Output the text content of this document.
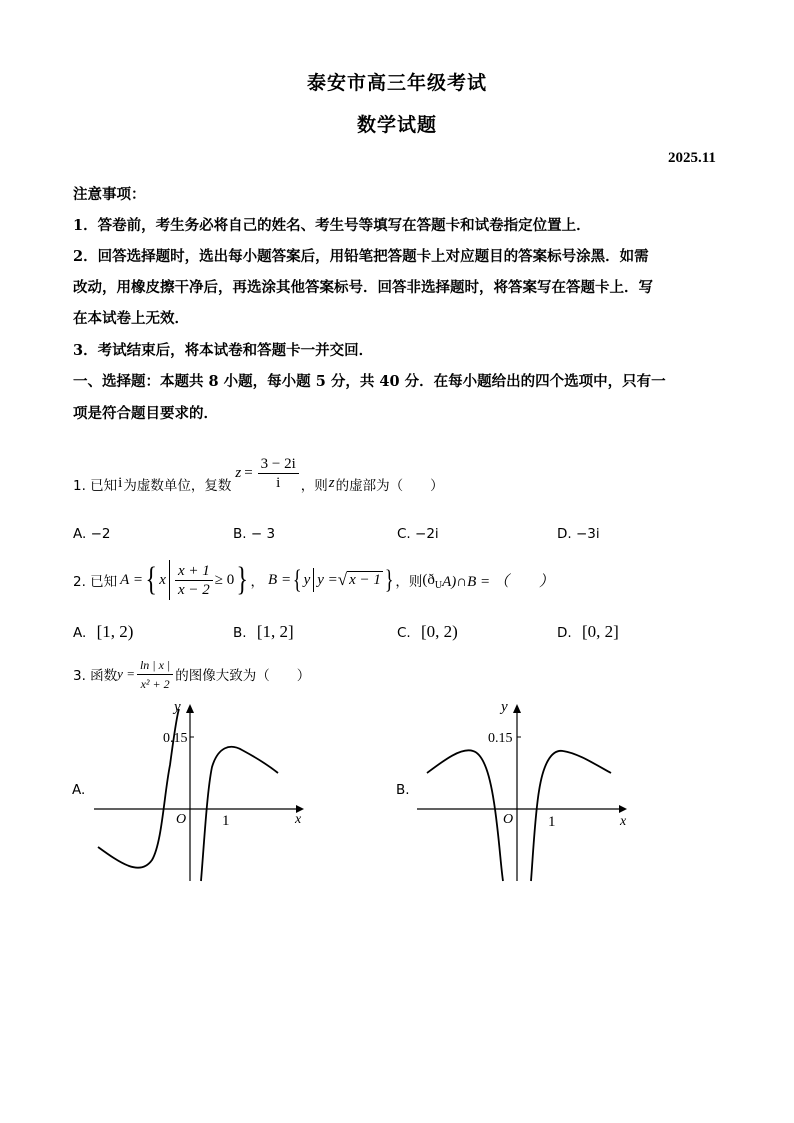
泰安市高三年级考试
数学试题
2025.11
注意事项：
1．答卷前，考生务必将自己的姓名、考生号等填写在答题卡和试卷指定位置上．
2．回答选择题时，选出每小题答案后，用铅笔把答题卡上对应题目的答案标号涂黑．如需
改动，用橡皮擦干净后，再选涂其他答案标号．回答非选择题时，将答案写在答题卡上．写
在本试卷上无效．
3．考试结束后，将本试卷和答题卡一并交回．
一、选择题：本题共 8 小题，每小题 5 分，共 40 分．在每小题给出的四个选项中，只有一
项是符合题目要求的．
1. 已知 i 为虚数单位，复数
$z = \frac{3 - 2i}{i}$ ，则 z 的虚部为（　　）
A. −2	B. − 3	C. −2i	D. −3i
2. 已知 A = { x $\frac{x + 1}{x - 2} \ge 0$ } ， B = { y y = √ x − 1 } ，则 (ð U A)∩B = （　　）
A. [1, 2)	B. [1, 2]	C. [0, 2)	D. [0, 2]
3. 函数 $y = \frac{\ln | x |}{\text{x² + 2}}$ 的图像大致为（　　）
A.
y
x
O
0.15
1
B.
y
x
O
0.15
1
